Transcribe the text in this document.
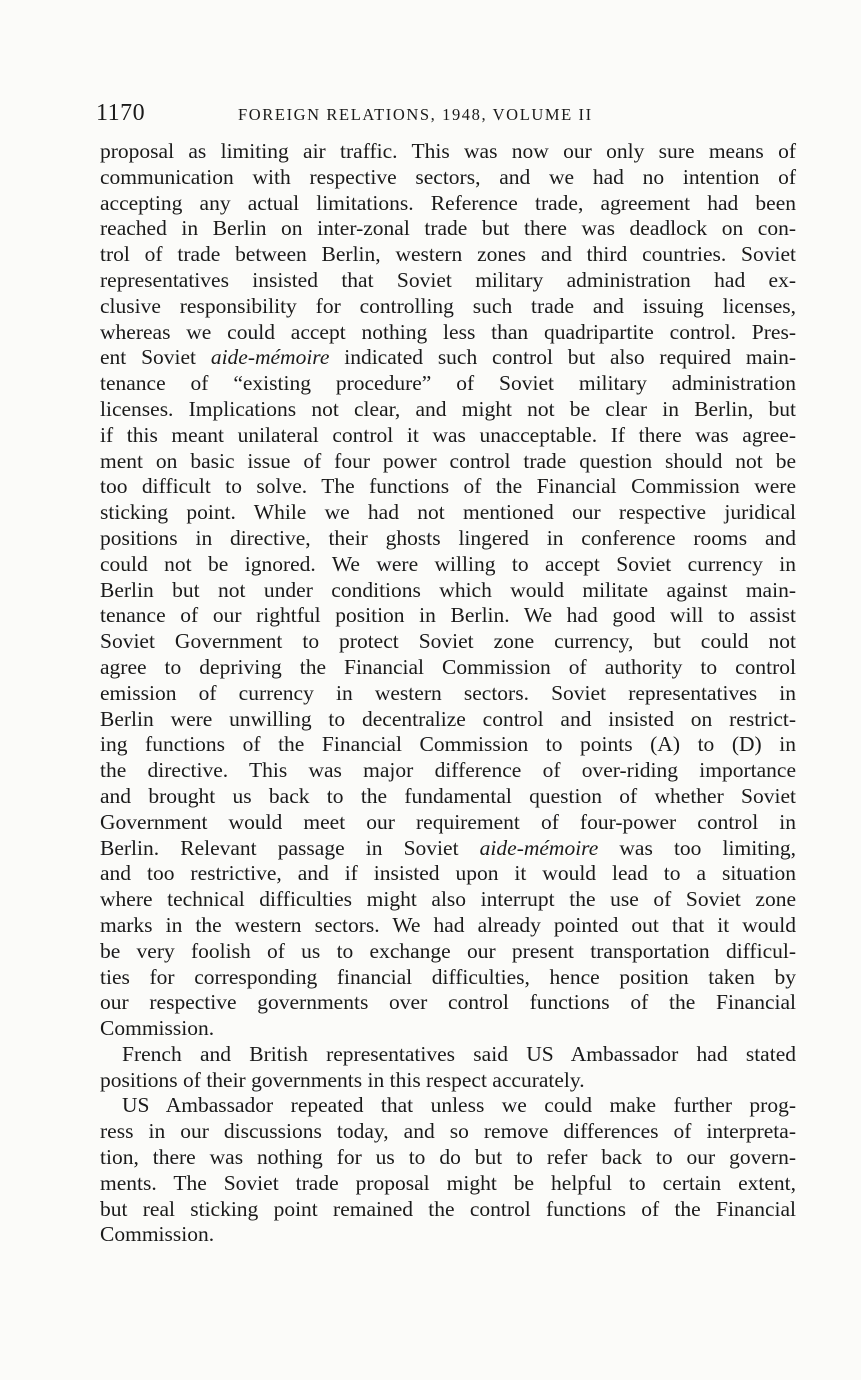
1170	FOREIGN RELATIONS, 1948, VOLUME II

proposal as limiting air traffic. This was now our only sure means of
communication with respective sectors, and we had no intention of
accepting any actual limitations. Reference trade, agreement had been
reached in Berlin on inter-zonal trade but there was deadlock on con-
trol of trade between Berlin, western zones and third countries. Soviet
representatives insisted that Soviet military administration had ex-
clusive responsibility for controlling such trade and issuing licenses,
whereas we could accept nothing less than quadripartite control. Pres-
ent Soviet aide-mémoire indicated such control but also required main-
tenance of “existing procedure” of Soviet military administration
licenses. Implications not clear, and might not be clear in Berlin, but
if this meant unilateral control it was unacceptable. If there was agree-
ment on basic issue of four power control trade question should not be
too difficult to solve. The functions of the Financial Commission were
sticking point. While we had not mentioned our respective juridical
positions in directive, their ghosts lingered in conference rooms and
could not be ignored. We were willing to accept Soviet currency in
Berlin but not under conditions which would militate against main-
tenance of our rightful position in Berlin. We had good will to assist
Soviet Government to protect Soviet zone currency, but could not
agree to depriving the Financial Commission of authority to control
emission of currency in western sectors. Soviet representatives in
Berlin were unwilling to decentralize control and insisted on restrict-
ing functions of the Financial Commission to points (A) to (D) in
the directive. This was major difference of over-riding importance
and brought us back to the fundamental question of whether Soviet
Government would meet our requirement of four-power control in
Berlin. Relevant passage in Soviet aide-mémoire was too limiting,
and too restrictive, and if insisted upon it would lead to a situation
where technical difficulties might also interrupt the use of Soviet zone
marks in the western sectors. We had already pointed out that it would
be very foolish of us to exchange our present transportation difficul-
ties for corresponding financial difficulties, hence position taken by
our respective governments over control functions of the Financial
Commission.

French and British representatives said US Ambassador had stated
positions of their governments in this respect accurately.

US Ambassador repeated that unless we could make further prog-
ress in our discussions today, and so remove differences of interpreta-
tion, there was nothing for us to do but to refer back to our govern-
ments. The Soviet trade proposal might be helpful to certain extent,
but real sticking point remained the control functions of the Financial
Commission.
